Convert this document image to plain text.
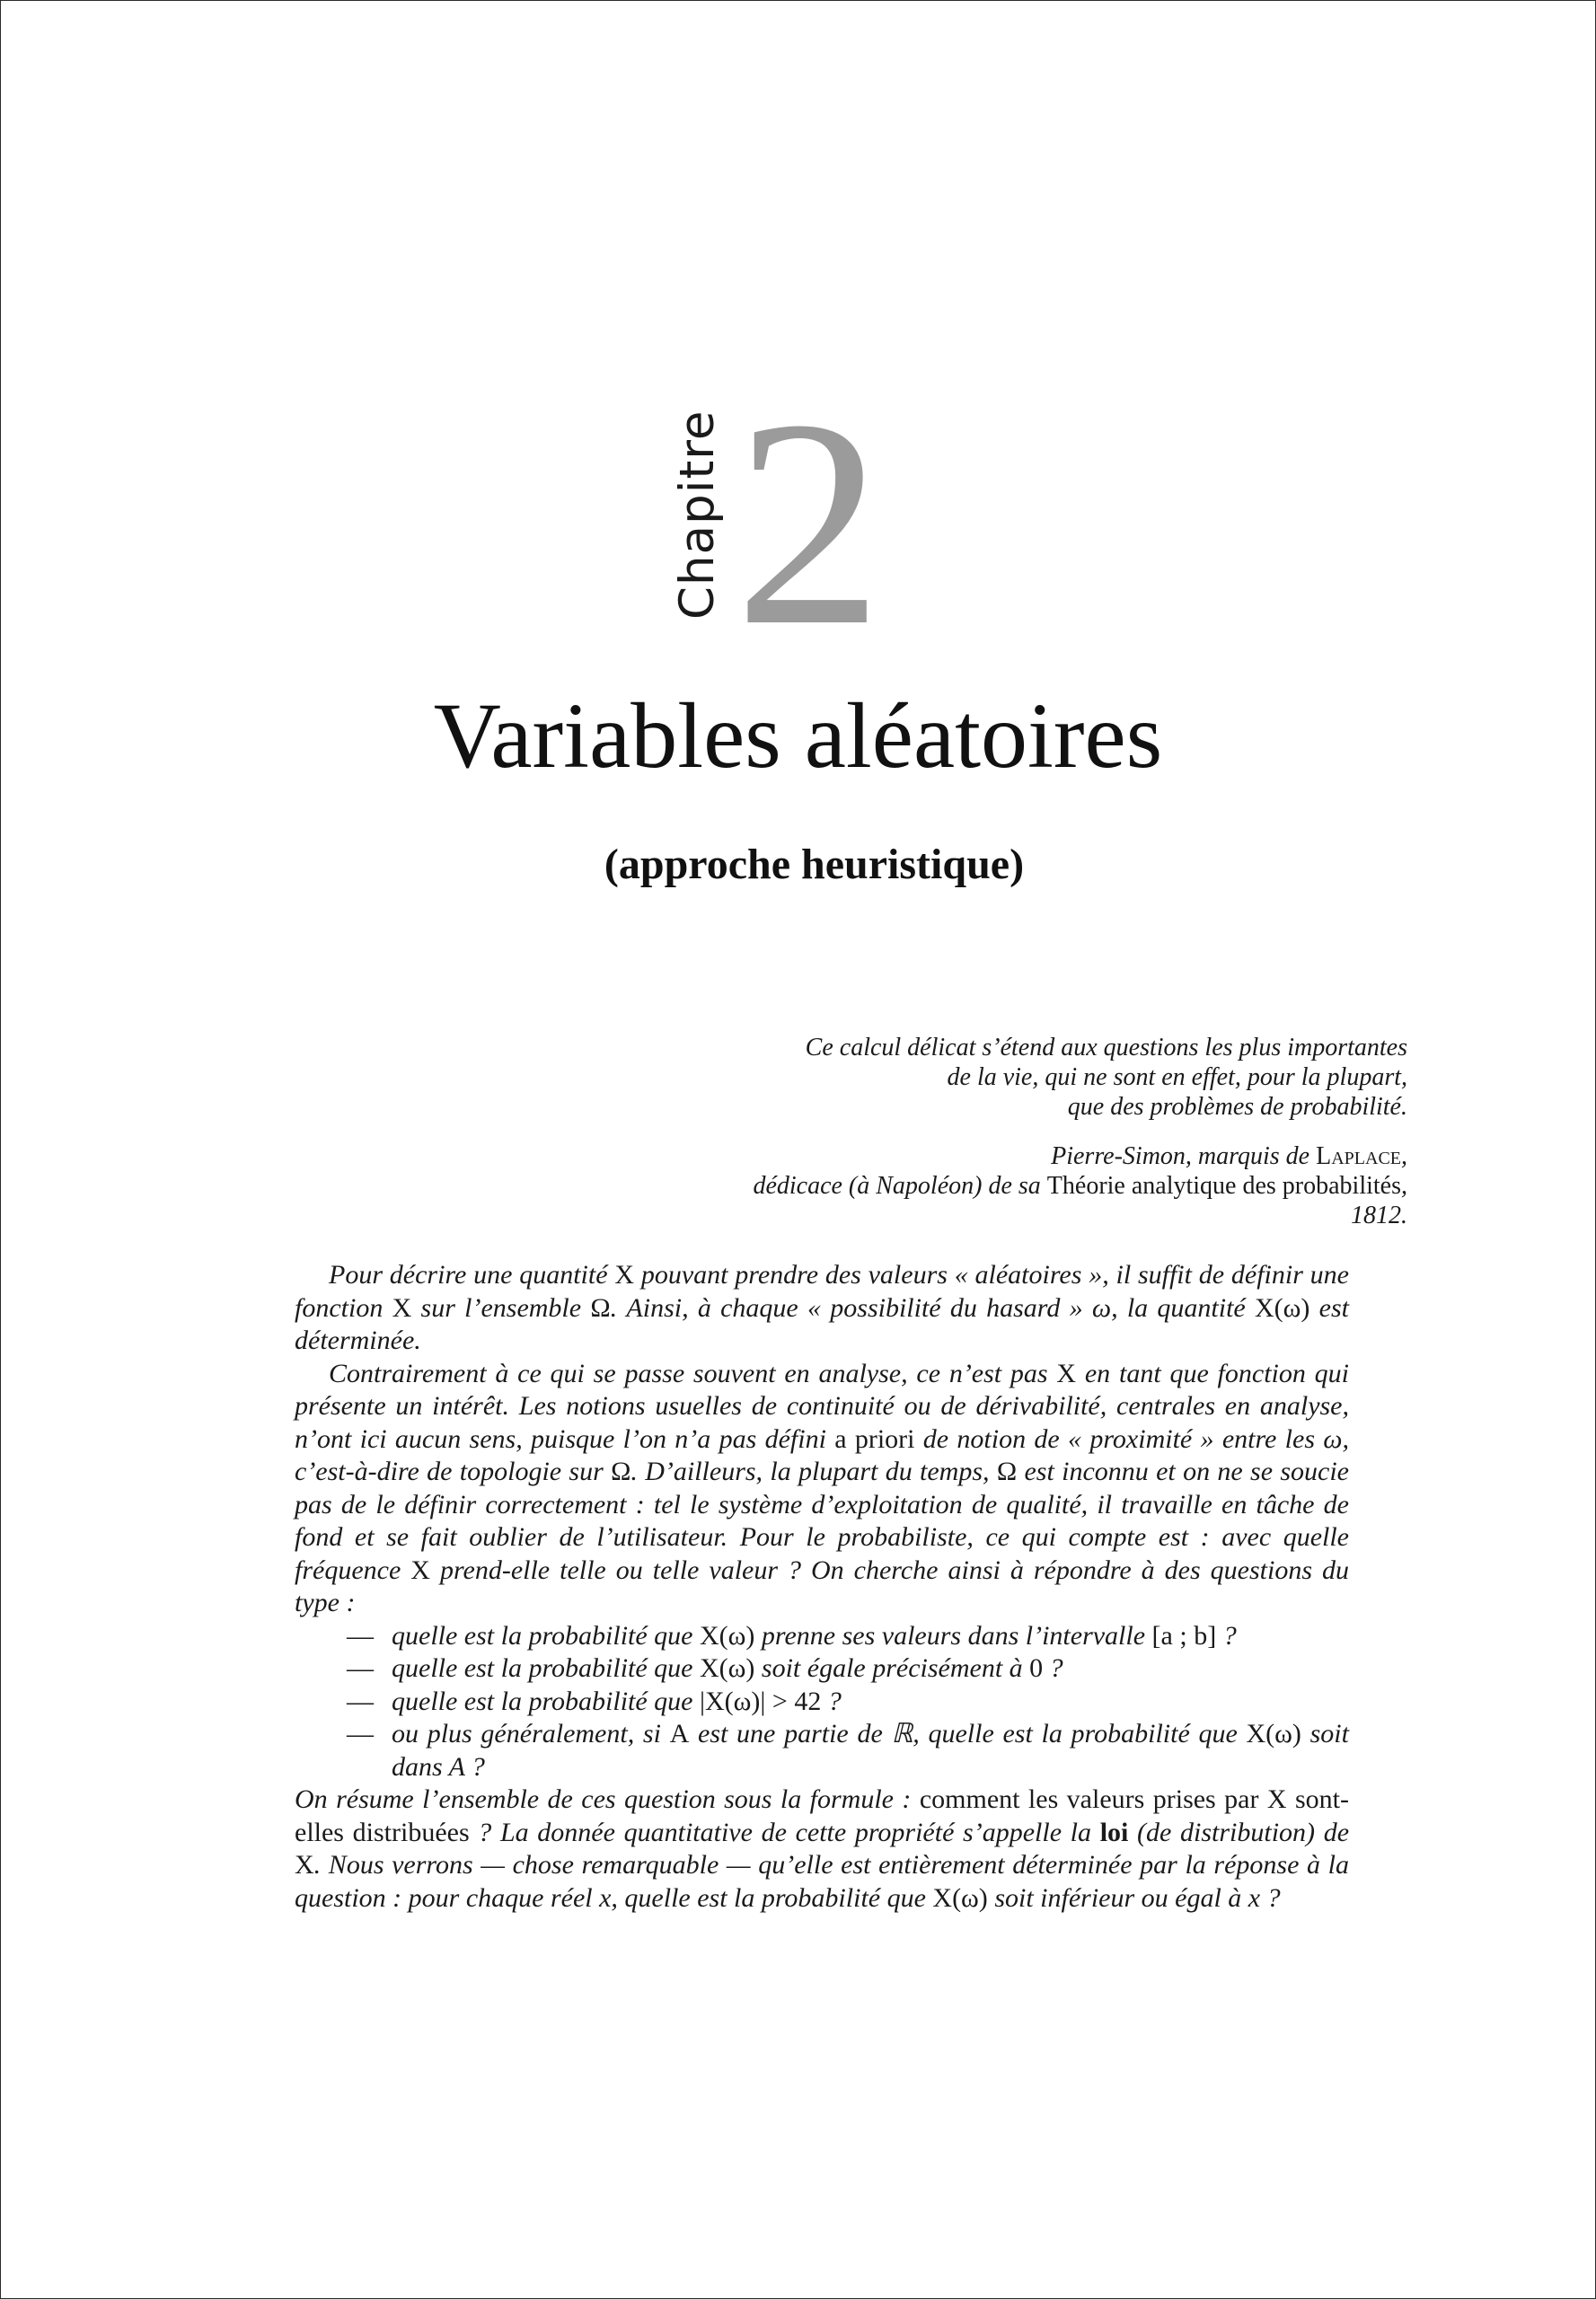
Chapitre 2
Variables aléatoires
(approche heuristique)
Ce calcul délicat s’étend aux questions les plus importantes
de la vie, qui ne sont en effet, pour la plupart,
que des problèmes de probabilité.
Pierre-Simon, marquis de Laplace,
dédicace (à Napoléon) de sa Théorie analytique des probabilités,
1812.

Pour décrire une quantité X pouvant prendre des valeurs « aléatoires », il suffit de définir une fonction X sur l’ensemble Ω. Ainsi, à chaque « possibilité du hasard » ω, la quantité X(ω) est déterminée.

Contrairement à ce qui se passe souvent en analyse, ce n’est pas X en tant que fonction qui présente un intérêt. Les notions usuelles de continuité ou de dérivabilité, centrales en analyse, n’ont ici aucun sens, puisque l’on n’a pas défini a priori de notion de « proximité » entre les ω, c’est-à-dire de topologie sur Ω. D’ailleurs, la plupart du temps, Ω est inconnu et on ne se soucie pas de le définir correctement : tel le système d’exploitation de qualité, il travaille en tâche de fond et se fait oublier de l’utilisateur. Pour le probabiliste, ce qui compte est : avec quelle fréquence X prend-elle telle ou telle valeur ? On cherche ainsi à répondre à des questions du type :

— quelle est la probabilité que X(ω) prenne ses valeurs dans l’intervalle [a ; b] ?
— quelle est la probabilité que X(ω) soit égale précisément à 0 ?
— quelle est la probabilité que |X(ω)| > 42 ?
— ou plus généralement, si A est une partie de ℝ, quelle est la probabilité que X(ω) soit dans A ?

On résume l’ensemble de ces question sous la formule : comment les valeurs prises par X sont-elles distribuées ? La donnée quantitative de cette propriété s’appelle la loi (de distribution) de X. Nous verrons — chose remarquable — qu’elle est entièrement déterminée par la réponse à la question : pour chaque réel x, quelle est la probabilité que X(ω) soit inférieur ou égal à x ?
